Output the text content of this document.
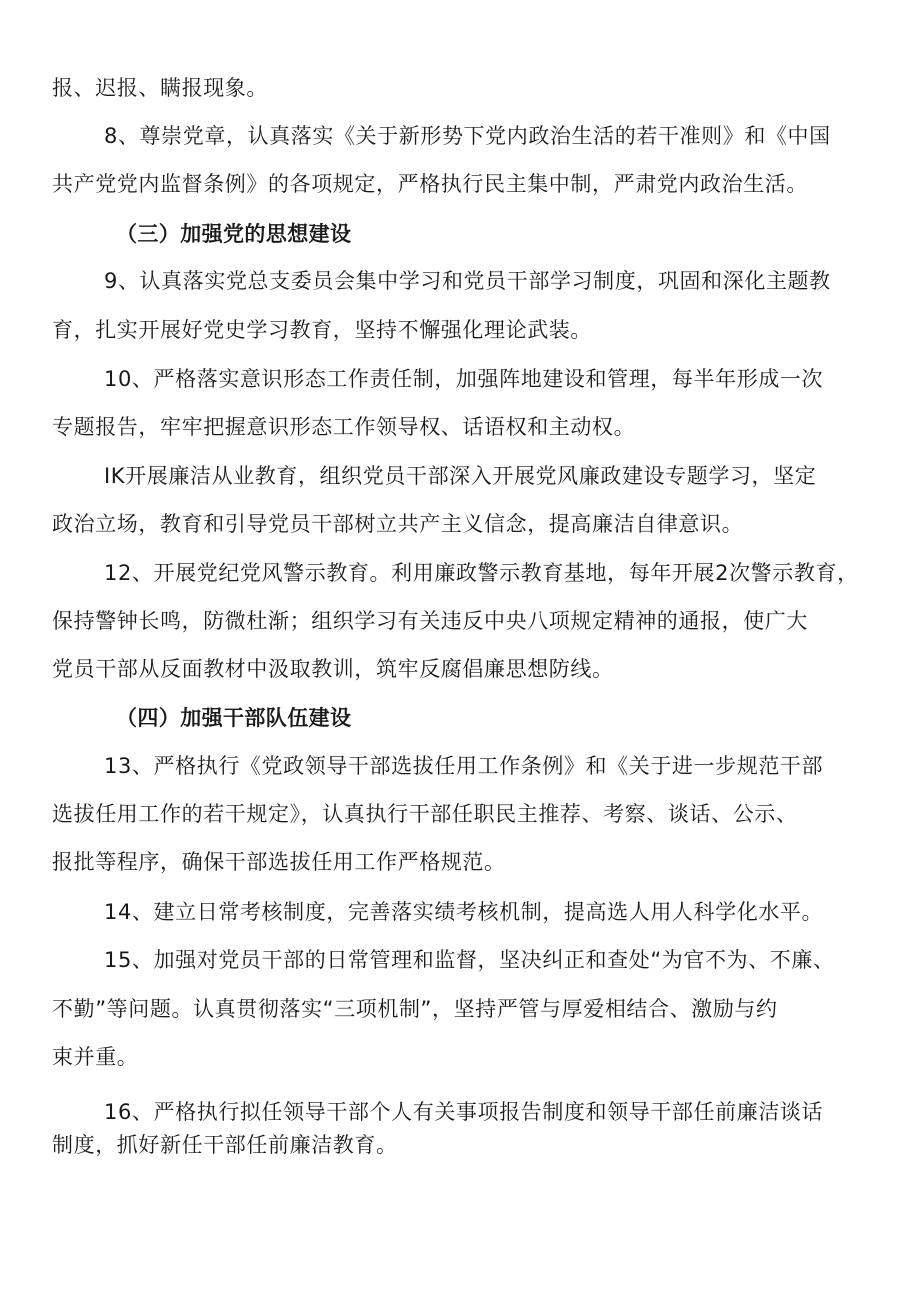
报、迟报、瞒报现象。
8、尊崇党章，认真落实《关于新形势下党内政治生活的若干准则》和《中国
共产党党内监督条例》的各项规定，严格执行民主集中制，严肃党内政治生活。
（三）加强党的思想建设
9、认真落实党总支委员会集中学习和党员干部学习制度，巩固和深化主题教
育，扎实开展好党史学习教育，坚持不懈强化理论武装。
10、严格落实意识形态工作责任制，加强阵地建设和管理，每半年形成一次
专题报告，牢牢把握意识形态工作领导权、话语权和主动权。
IK开展廉洁从业教育，组织党员干部深入开展党风廉政建设专题学习，坚定
政治立场，教育和引导党员干部树立共产主义信念，提高廉洁自律意识。
12、开展党纪党风警示教育。利用廉政警示教育基地，每年开展2次警示教育，
保持警钟长鸣，防微杜渐；组织学习有关违反中央八项规定精神的通报，使广大
党员干部从反面教材中汲取教训，筑牢反腐倡廉思想防线。
（四）加强干部队伍建设
13、严格执行《党政领导干部选拔任用工作条例》和《关于进一步规范干部
选拔任用工作的若干规定》，认真执行干部任职民主推荐、考察、谈话、公示、
报批等程序，确保干部选拔任用工作严格规范。
14、建立日常考核制度，完善落实绩考核机制，提高选人用人科学化水平。
15、加强对党员干部的日常管理和监督，坚决纠正和查处“为官不为、不廉、
不勤”等问题。认真贯彻落实“三项机制”，坚持严管与厚爱相结合、激励与约
束并重。
16、严格执行拟任领导干部个人有关事项报告制度和领导干部任前廉洁谈话
制度，抓好新任干部任前廉洁教育。
